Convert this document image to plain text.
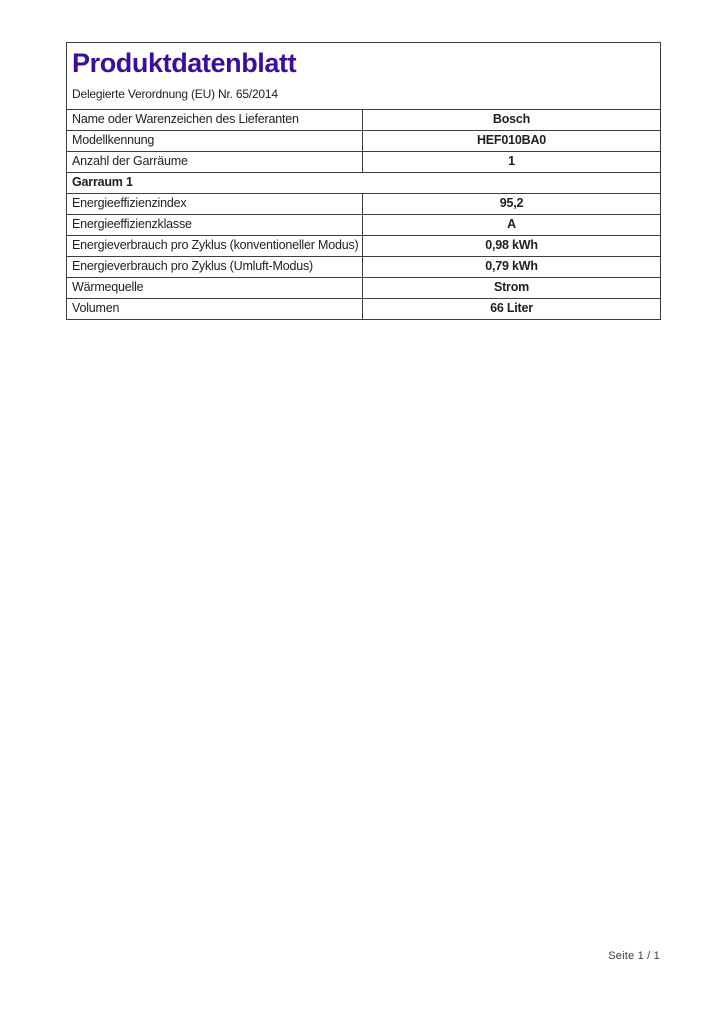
Produktdatenblatt
Delegierte Verordnung (EU) Nr. 65/2014

Name oder Warenzeichen des Lieferanten	Bosch
Modellkennung	HEF010BA0
Anzahl der Garräume	1
Garraum 1	
Energieeffizienzindex	95,2
Energieeffizienzklasse	A
Energieverbrauch pro Zyklus (konventioneller Modus)	0,98 kWh
Energieverbrauch pro Zyklus (Umluft-Modus)	0,79 kWh
Wärmequelle	Strom
Volumen	66 Liter
Seite 1 / 1
